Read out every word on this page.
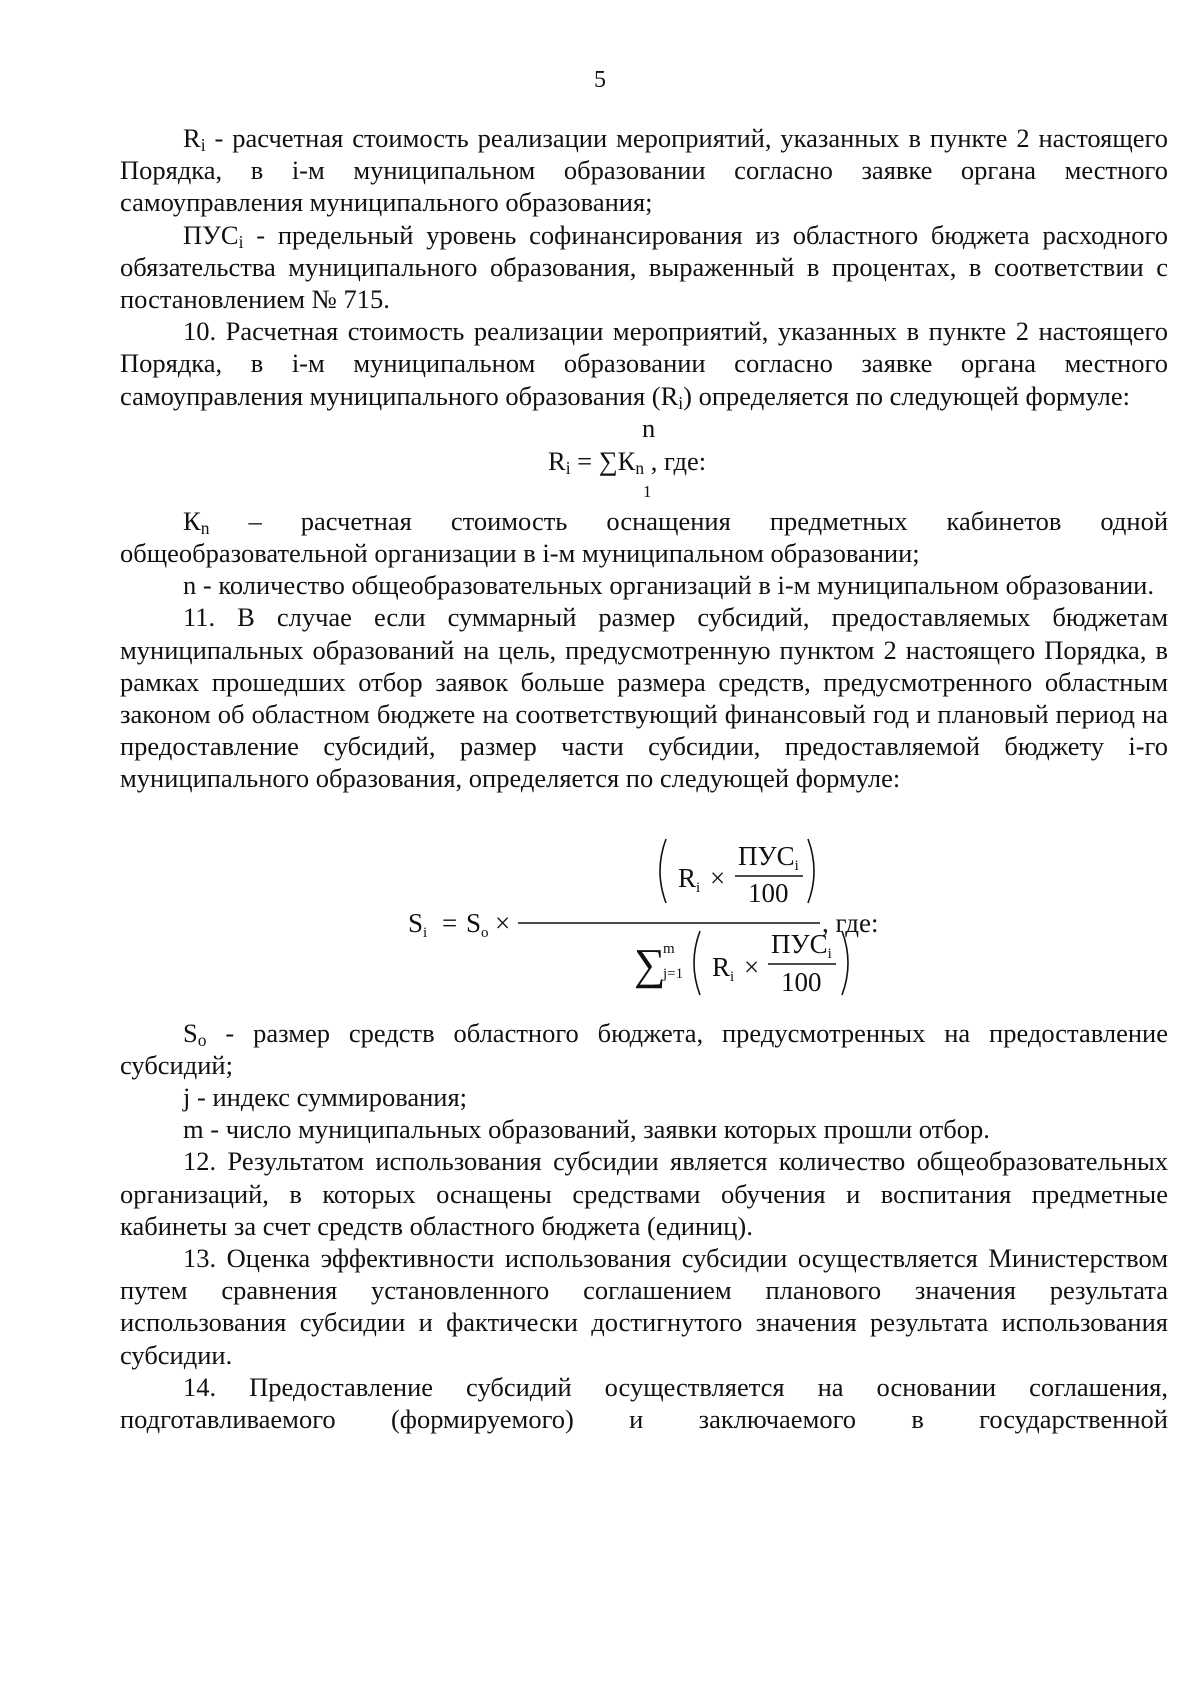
5

$R_i$ - расчетная стоимость реализации мероприятий, указанных в пункте 2 настоящего Порядка, в i-м муниципальном образовании согласно заявке органа местного самоуправления муниципального образования;

$ПУС_i$ - предельный уровень софинансирования из областного бюджета расходного обязательства муниципального образования, выраженный в процентах, в соответствии с постановлением № 715.

10. Расчетная стоимость реализации мероприятий, указанных в пункте 2 настоящего Порядка, в i-м муниципальном образовании согласно заявке органа местного самоуправления муниципального образования $(R_i)$ определяется по следующей формуле:

n
$R_i = \sum К_n$ , где:
1

$К_n$ – расчетная стоимость оснащения предметных кабинетов одной общеобразовательной организации в i-м муниципальном образовании;

n - количество общеобразовательных организаций в i-м муниципальном образовании.

11. В случае если суммарный размер субсидий, предоставляемых бюджетам муниципальных образований на цель, предусмотренную пунктом 2 настоящего Порядка, в рамках прошедших отбор заявок больше размера средств, предусмотренного областным законом об областном бюджете на соответствующий финансовый год и плановый период на предоставление субсидий, размер части субсидии, предоставляемой бюджету i-го муниципального образования, определяется по следующей формуле:

Si = So ×
Ri ×
ПУСi
100
∑
m
j=1 Ri ×
ПУСi
100
, где:

$S_o$ - размер средств областного бюджета, предусмотренных на предоставление субсидий;

j - индекс суммирования;

m - число муниципальных образований, заявки которых прошли отбор.

12. Результатом использования субсидии является количество общеобразовательных организаций, в которых оснащены средствами обучения и воспитания предметные кабинеты за счет средств областного бюджета (единиц).

13. Оценка эффективности использования субсидии осуществляется Министерством путем сравнения установленного соглашением планового значения результата использования субсидии и фактически достигнутого значения результата использования субсидии.

14. Предоставление субсидий осуществляется на основании соглашения, подготавливаемого (формируемого) и заключаемого в государственной
